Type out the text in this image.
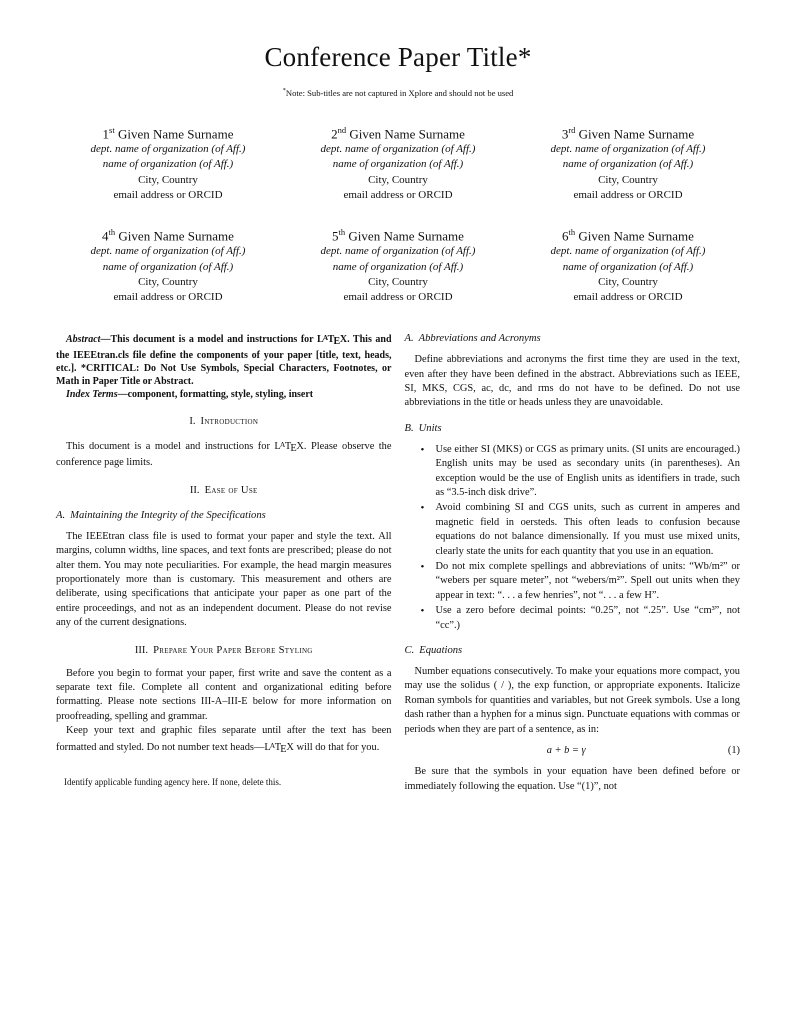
Conference Paper Title*
*Note: Sub-titles are not captured in Xplore and should not be used
1st Given Name Surname
dept. name of organization (of Aff.)
name of organization (of Aff.)
City, Country
email address or ORCID
2nd Given Name Surname
dept. name of organization (of Aff.)
name of organization (of Aff.)
City, Country
email address or ORCID
3rd Given Name Surname
dept. name of organization (of Aff.)
name of organization (of Aff.)
City, Country
email address or ORCID
4th Given Name Surname
dept. name of organization (of Aff.)
name of organization (of Aff.)
City, Country
email address or ORCID
5th Given Name Surname
dept. name of organization (of Aff.)
name of organization (of Aff.)
City, Country
email address or ORCID
6th Given Name Surname
dept. name of organization (of Aff.)
name of organization (of Aff.)
City, Country
email address or ORCID

Abstract—This document is a model and instructions for $L^ATEX$. This and the IEEEtran.cls file define the components of your paper [title, text, heads, etc.]. *CRITICAL: Do Not Use Symbols, Special Characters, Footnotes, or Math in Paper Title or Abstract.

Index Terms—component, formatting, style, styling, insert

I. Introduction

This document is a model and instructions for $L^ATEX$. Please observe the conference page limits.

II. Ease of Use
A. Maintaining the Integrity of the Specifications

The IEEEtran class file is used to format your paper and style the text. All margins, column widths, line spaces, and text fonts are prescribed; please do not alter them. You may note peculiarities. For example, the head margin measures proportionately more than is customary. This measurement and others are deliberate, using specifications that anticipate your paper as one part of the entire proceedings, and not as an independent document. Please do not revise any of the current designations.

III. Prepare Your Paper Before Styling

Before you begin to format your paper, first write and save the content as a separate text file. Complete all content and organizational editing before formatting. Please note sections III-A–III-E below for more information on proofreading, spelling and grammar.

Keep your text and graphic files separate until after the text has been formatted and styled. Do not number text $heads—L^ATEX$ will do that for you.

Identify applicable funding agency here. If none, delete this.
A. Abbreviations and Acronyms

Define abbreviations and acronyms the first time they are used in the text, even after they have been defined in the abstract. Abbreviations such as IEEE, SI, MKS, CGS, ac, dc, and rms do not have to be defined. Do not use abbreviations in the title or heads unless they are unavoidable.

B. Units
• Use either SI (MKS) or CGS as primary units. (SI units are encouraged.) English units may be used as secondary units (in parentheses). An exception would be the use of English units as identifiers in trade, such as “3.5-inch disk drive”.
• Avoid combining SI and CGS units, such as current in amperes and magnetic field in oersteds. This often leads to confusion because equations do not balance dimensionally. If you must use mixed units, clearly state the units for each quantity that you use in an equation.
• Do not mix complete spellings and abbreviations of units: “Wb/m²” or “webers per square meter”, not “webers/m²”. Spell out units when they appear in text: “. . . a few henries”, not “. . . a few H”.
• Use a zero before decimal points: “0.25”, not “.25”. Use “cm³”, not “cc”.)
C. Equations

Number equations consecutively. To make your equations more compact, you may use the solidus ( / ), the exp function, or appropriate exponents. Italicize Roman symbols for quantities and variables, but not Greek symbols. Use a long dash rather than a hyphen for a minus sign. Punctuate equations with commas or periods when they are part of a sentence, as in:

a + b = γ	(1)

Be sure that the symbols in your equation have been defined before or immediately following the equation. Use “(1)”, not
